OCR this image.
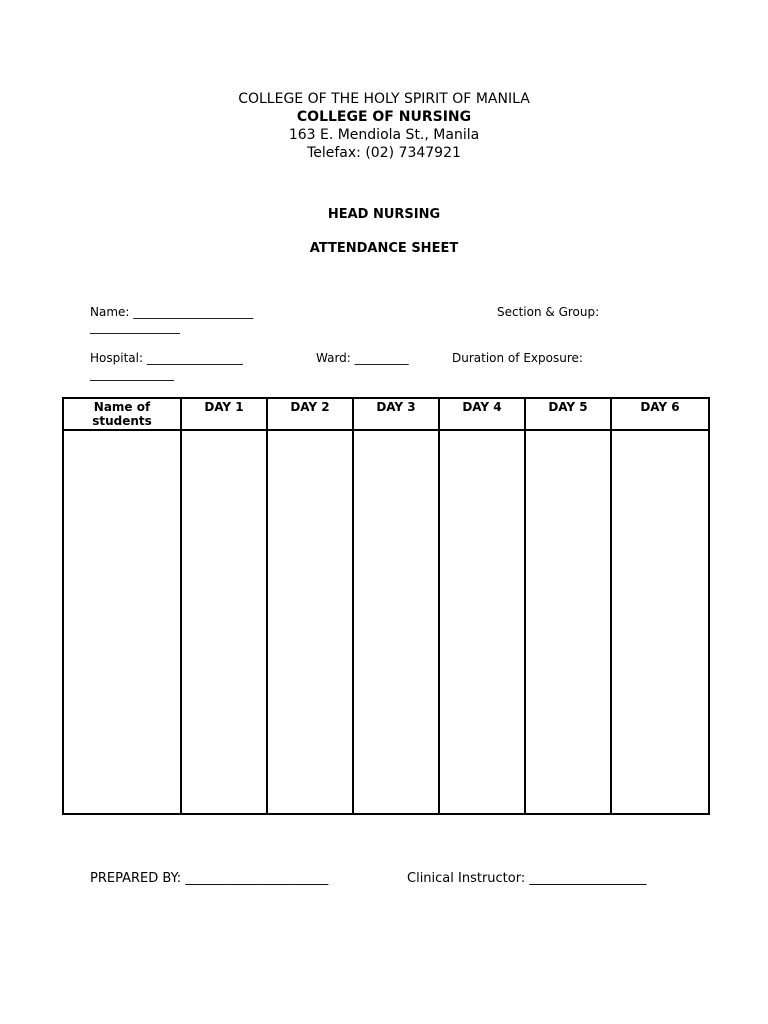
COLLEGE OF THE HOLY SPIRIT OF MANILA
COLLEGE OF NURSING
163 E. Mendiola St., Manila
Telefax: (02) 7347921
HEAD NURSING
ATTENDANCE SHEET
Name: ____________________	Section & Group:
_______________
Hospital: ________________	Ward: _________	Duration of Exposure:
______________
Name of students	DAY 1	DAY 2	DAY 3	DAY 4	DAY 5	DAY 6

PREPARED BY: ______________________	Clinical Instructor: __________________
